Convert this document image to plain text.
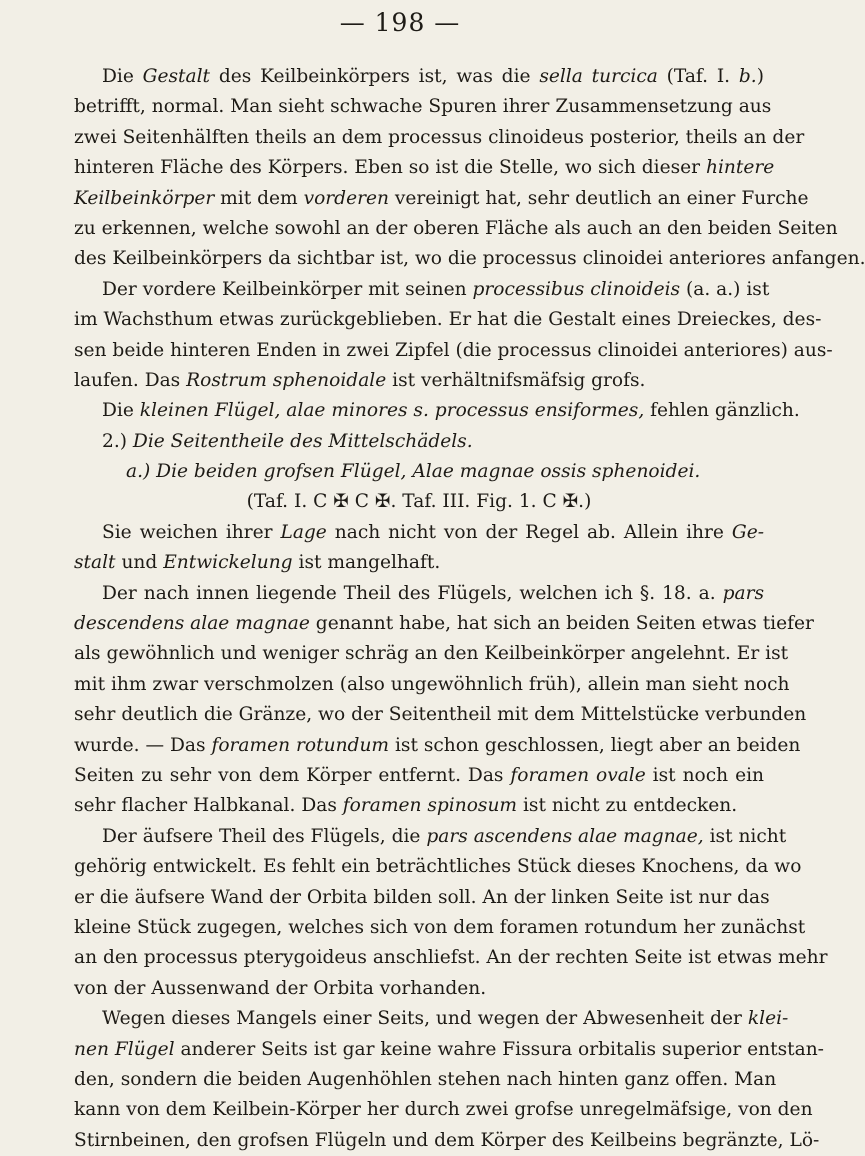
— 198 —
Die Gestalt des Keilbeinkörpers ist, was die sella turcica (Taf. I. b.)
betrifft, normal. Man sieht schwache Spuren ihrer Zusammensetzung aus
zwei Seitenhälften theils an dem processus clinoideus posterior, theils an der
hinteren Fläche des Körpers. Eben so ist die Stelle, wo sich dieser hintere
Keilbeinkörper mit dem vorderen vereinigt hat, sehr deutlich an einer Furche
zu erkennen, welche sowohl an der oberen Fläche als auch an den beiden Seiten
des Keilbeinkörpers da sichtbar ist, wo die processus clinoidei anteriores anfangen.
Der vordere Keilbeinkörper mit seinen processibus clinoideis (a. a.) ist
im Wachsthum etwas zurückgeblieben. Er hat die Gestalt eines Dreieckes, des-
sen beide hinteren Enden in zwei Zipfel (die processus clinoidei anteriores) aus-
laufen. Das Rostrum sphenoidale ist verhältnifsmäfsig grofs.
Die kleinen Flügel, alae minores s. processus ensiformes, fehlen gänzlich.
2.) Die Seitentheile des Mittelschädels.
a.) Die beiden grofsen Flügel, Alae magnae ossis sphenoidei.
(Taf. I. C ✠ C ✠. Taf. III. Fig. 1. C ✠.)
Sie weichen ihrer Lage nach nicht von der Regel ab. Allein ihre Ge-
stalt und Entwickelung ist mangelhaft.
Der nach innen liegende Theil des Flügels, welchen ich §. 18. a. pars
descendens alae magnae genannt habe, hat sich an beiden Seiten etwas tiefer
als gewöhnlich und weniger schräg an den Keilbeinkörper angelehnt. Er ist
mit ihm zwar verschmolzen (also ungewöhnlich früh), allein man sieht noch
sehr deutlich die Gränze, wo der Seitentheil mit dem Mittelstücke verbunden
wurde. — Das foramen rotundum ist schon geschlossen, liegt aber an beiden
Seiten zu sehr von dem Körper entfernt. Das foramen ovale ist noch ein
sehr flacher Halbkanal. Das foramen spinosum ist nicht zu entdecken.
Der äufsere Theil des Flügels, die pars ascendens alae magnae, ist nicht
gehörig entwickelt. Es fehlt ein beträchtliches Stück dieses Knochens, da wo
er die äufsere Wand der Orbita bilden soll. An der linken Seite ist nur das
kleine Stück zugegen, welches sich von dem foramen rotundum her zunächst
an den processus pterygoideus anschliefst. An der rechten Seite ist etwas mehr
von der Aussenwand der Orbita vorhanden.
Wegen dieses Mangels einer Seits, und wegen der Abwesenheit der klei-
nen Flügel anderer Seits ist gar keine wahre Fissura orbitalis superior entstan-
den, sondern die beiden Augenhöhlen stehen nach hinten ganz offen. Man
kann von dem Keilbein-Körper her durch zwei grofse unregelmäfsige, von den
Stirnbeinen, den grofsen Flügeln und dem Körper des Keilbeins begränzte, Lö-
